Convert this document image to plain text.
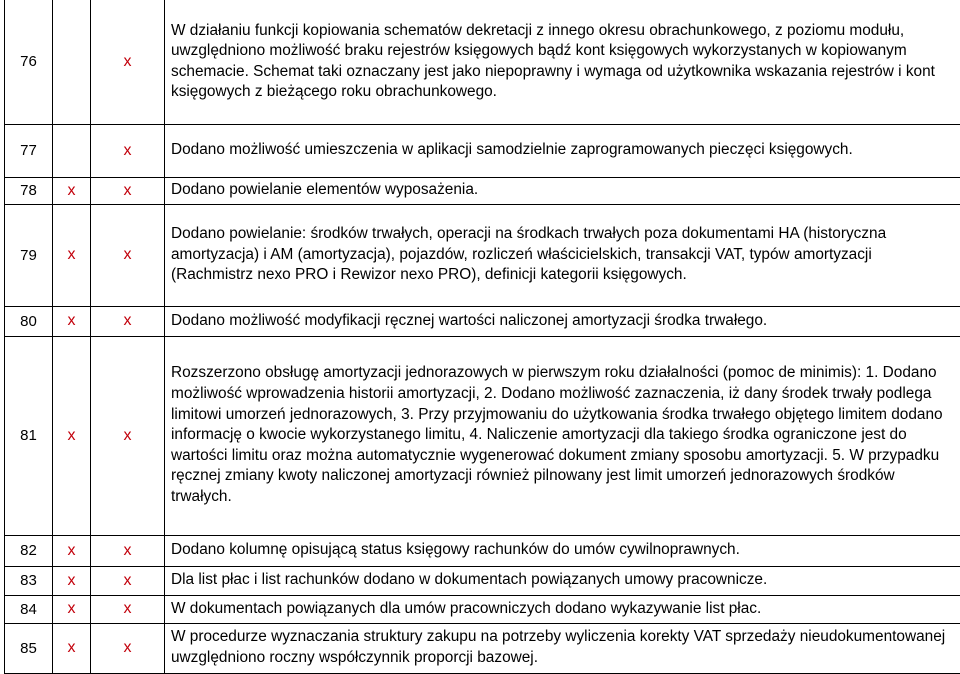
76		x	W działaniu funkcji kopiowania schematów dekretacji z innego okresu obrachunkowego, z poziomu modułu, uwzględniono możliwość braku rejestrów księgowych bądź kont księgowych wykorzystanych w kopiowanym schemacie. Schemat taki oznaczany jest jako niepoprawny i wymaga od użytkownika wskazania rejestrów i kont księgowych z bieżącego roku obrachunkowego.

77		x	Dodano możliwość umieszczenia w aplikacji samodzielnie zaprogramowanych pieczęci księgowych.

78	x	x	Dodano powielanie elementów wyposażenia.

79	x	x	Dodano powielanie: środków trwałych, operacji na środkach trwałych poza dokumentami HA (historyczna amortyzacja) i AM (amortyzacja), pojazdów, rozliczeń właścicielskich, transakcji VAT, typów amortyzacji (Rachmistrz nexo PRO i Rewizor nexo PRO), definicji kategorii księgowych.

80	x	x	Dodano możliwość modyfikacji ręcznej wartości naliczonej amortyzacji środka trwałego.

81	x	x	Rozszerzono obsługę amortyzacji jednorazowych w pierwszym roku działalności (pomoc de minimis): 1. Dodano możliwość wprowadzenia historii amortyzacji, 2. Dodano możliwość zaznaczenia, iż dany środek trwały podlega limitowi umorzeń jednorazowych, 3. Przy przyjmowaniu do użytkowania środka trwałego objętego limitem dodano informację o kwocie wykorzystanego limitu, 4. Naliczenie amortyzacji dla takiego środka ograniczone jest do wartości limitu oraz można automatycznie wygenerować dokument zmiany sposobu amortyzacji. 5. W przypadku ręcznej zmiany kwoty naliczonej amortyzacji również pilnowany jest limit umorzeń jednorazowych środków trwałych.

82	x	x	Dodano kolumnę opisującą status księgowy rachunków do umów cywilnoprawnych.

83	x	x	Dla list płac i list rachunków dodano w dokumentach powiązanych umowy pracownicze.

84	x	x	W dokumentach powiązanych dla umów pracowniczych dodano wykazywanie list płac.

85	x	x	W procedurze wyznaczania struktury zakupu na potrzeby wyliczenia korekty VAT sprzedaży nieudokumentowanej uwzględniono roczny współczynnik proporcji bazowej.
